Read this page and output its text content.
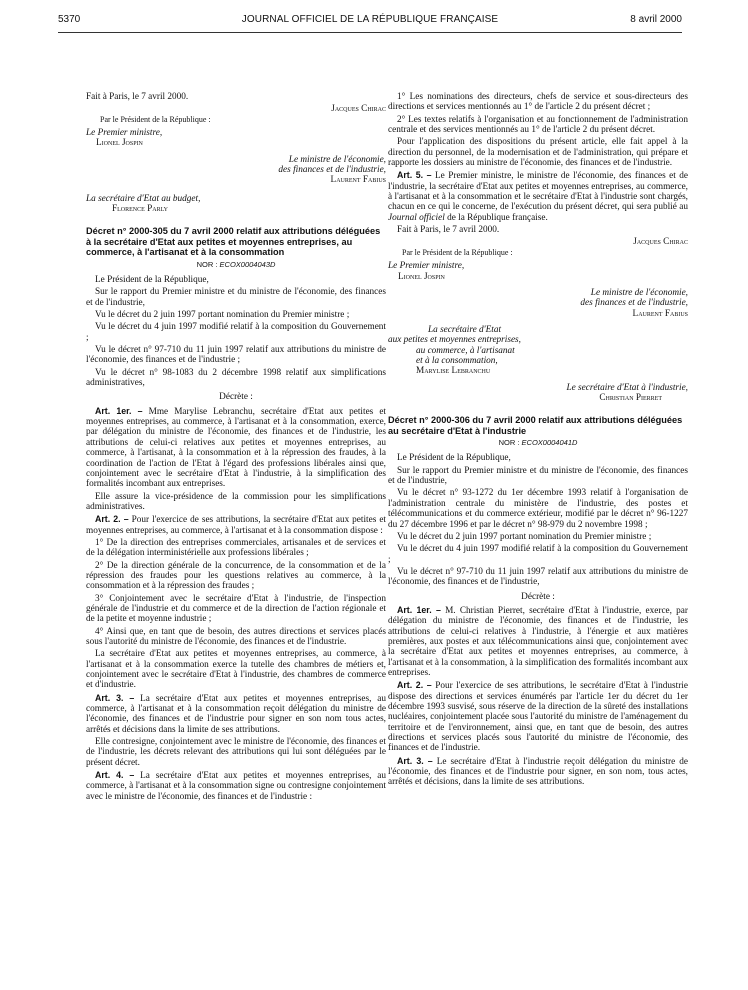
5370	JOURNAL OFFICIEL DE LA RÉPUBLIQUE FRANÇAISE	8 avril 2000

Fait à Paris, le 7 avril 2000.

Jacques Chirac
Par le Président de la République :
Le Premier ministre,
Lionel Jospin
Le ministre de l'économie,
des finances et de l'industrie,
Laurent Fabius
La secrétaire d'Etat au budget,
Florence Parly
Décret n° 2000-305 du 7 avril 2000 relatif aux attributions déléguées à la secrétaire d'Etat aux petites et moyennes entreprises, au commerce, à l'artisanat et à la consommation
NOR : ECOX0004043D

Le Président de la République,

Sur le rapport du Premier ministre et du ministre de l'économie, des finances et de l'industrie,

Vu le décret du 2 juin 1997 portant nomination du Premier ministre ;

Vu le décret du 4 juin 1997 modifié relatif à la composition du Gouvernement ;

Vu le décret n° 97-710 du 11 juin 1997 relatif aux attributions du ministre de l'économie, des finances et de l'industrie ;

Vu le décret n° 98-1083 du 2 décembre 1998 relatif aux simplifications administratives,

Décrète :

Art. 1er. – Mme Marylise Lebranchu, secrétaire d'Etat aux petites et moyennes entreprises, au commerce, à l'artisanat et à la consommation, exerce, par délégation du ministre de l'économie, des finances et de l'industrie, les attributions de celui-ci relatives aux petites et moyennes entreprises, au commerce, à l'artisanat, à la consommation et à la répression des fraudes, à la coordination de l'action de l'Etat à l'égard des professions libérales ainsi que, conjointement avec le secrétaire d'Etat à l'industrie, à la simplification des formalités incombant aux entreprises.

Elle assure la vice-présidence de la commission pour les simplifications administratives.

Art. 2. – Pour l'exercice de ses attributions, la secrétaire d'Etat aux petites et moyennes entreprises, au commerce, à l'artisanat et à la consommation dispose :

1° De la direction des entreprises commerciales, artisanales et de services et de la délégation interministérielle aux professions libérales ;

2° De la direction générale de la concurrence, de la consommation et de la répression des fraudes pour les questions relatives au commerce, à la consommation et à la répression des fraudes ;

3° Conjointement avec le secrétaire d'Etat à l'industrie, de l'inspection générale de l'industrie et du commerce et de la direction de l'action régionale et de la petite et moyenne industrie ;

4° Ainsi que, en tant que de besoin, des autres directions et services placés sous l'autorité du ministre de l'économie, des finances et de l'industrie.

La secrétaire d'Etat aux petites et moyennes entreprises, au commerce, à l'artisanat et à la consommation exerce la tutelle des chambres de métiers et, conjointement avec le secrétaire d'Etat à l'industrie, des chambres de commerce et d'industrie.

Art. 3. – La secrétaire d'Etat aux petites et moyennes entreprises, au commerce, à l'artisanat et à la consommation reçoit délégation du ministre de l'économie, des finances et de l'industrie pour signer en son nom tous actes, arrêtés et décisions dans la limite de ses attributions.

Elle contresigne, conjointement avec le ministre de l'économie, des finances et de l'industrie, les décrets relevant des attributions qui lui sont déléguées par le présent décret.

Art. 4. – La secrétaire d'Etat aux petites et moyennes entreprises, au commerce, à l'artisanat et à la consommation signe ou contresigne conjointement avec le ministre de l'économie, des finances et de l'industrie :

1° Les nominations des directeurs, chefs de service et sous-directeurs des directions et services mentionnés au 1° de l'article 2 du présent décret ;

2° Les textes relatifs à l'organisation et au fonctionnement de l'administration centrale et des services mentionnés au 1° de l'article 2 du présent décret.

Pour l'application des dispositions du présent article, elle fait appel à la direction du personnel, de la modernisation et de l'administration, qui prépare et rapporte les dossiers au ministre de l'économie, des finances et de l'industrie.

Art. 5. – Le Premier ministre, le ministre de l'économie, des finances et de l'industrie, la secrétaire d'Etat aux petites et moyennes entreprises, au commerce, à l'artisanat et à la consommation et le secrétaire d'Etat à l'industrie sont chargés, chacun en ce qui le concerne, de l'exécution du présent décret, qui sera publié au Journal officiel de la République française.

Fait à Paris, le 7 avril 2000.

Jacques Chirac
Par le Président de la République :
Le Premier ministre,
Lionel Jospin
Le ministre de l'économie,
des finances et de l'industrie,
Laurent Fabius
La secrétaire d'Etat
aux petites et moyennes entreprises,
au commerce, à l'artisanat
et à la consommation,
Marylise Lebranchu
Le secrétaire d'Etat à l'industrie,
Christian Pierret
Décret n° 2000-306 du 7 avril 2000 relatif aux attributions déléguées au secrétaire d'Etat à l'industrie
NOR : ECOX0004041D

Le Président de la République,

Sur le rapport du Premier ministre et du ministre de l'économie, des finances et de l'industrie,

Vu le décret n° 93-1272 du 1er décembre 1993 relatif à l'organisation de l'administration centrale du ministère de l'industrie, des postes et télécommunications et du commerce extérieur, modifié par le décret n° 96-1227 du 27 décembre 1996 et par le décret n° 98-979 du 2 novembre 1998 ;

Vu le décret du 2 juin 1997 portant nomination du Premier ministre ;

Vu le décret du 4 juin 1997 modifié relatif à la composition du Gouvernement ;

Vu le décret n° 97-710 du 11 juin 1997 relatif aux attributions du ministre de l'économie, des finances et de l'industrie,

Décrète :

Art. 1er. – M. Christian Pierret, secrétaire d'Etat à l'industrie, exerce, par délégation du ministre de l'économie, des finances et de l'industrie, les attributions de celui-ci relatives à l'industrie, à l'énergie et aux matières premières, aux postes et aux télécommunications ainsi que, conjointement avec la secrétaire d'Etat aux petites et moyennes entreprises, au commerce, à l'artisanat et à la consommation, à la simplification des formalités incombant aux entreprises.

Art. 2. – Pour l'exercice de ses attributions, le secrétaire d'Etat à l'industrie dispose des directions et services énumérés par l'article 1er du décret du 1er décembre 1993 susvisé, sous réserve de la direction de la sûreté des installations nucléaires, conjointement placée sous l'autorité du ministre de l'aménagement du territoire et de l'environnement, ainsi que, en tant que de besoin, des autres directions et services placés sous l'autorité du ministre de l'économie, des finances et de l'industrie.

Art. 3. – Le secrétaire d'Etat à l'industrie reçoit délégation du ministre de l'économie, des finances et de l'industrie pour signer, en son nom, tous actes, arrêtés et décisions, dans la limite de ses attributions.
